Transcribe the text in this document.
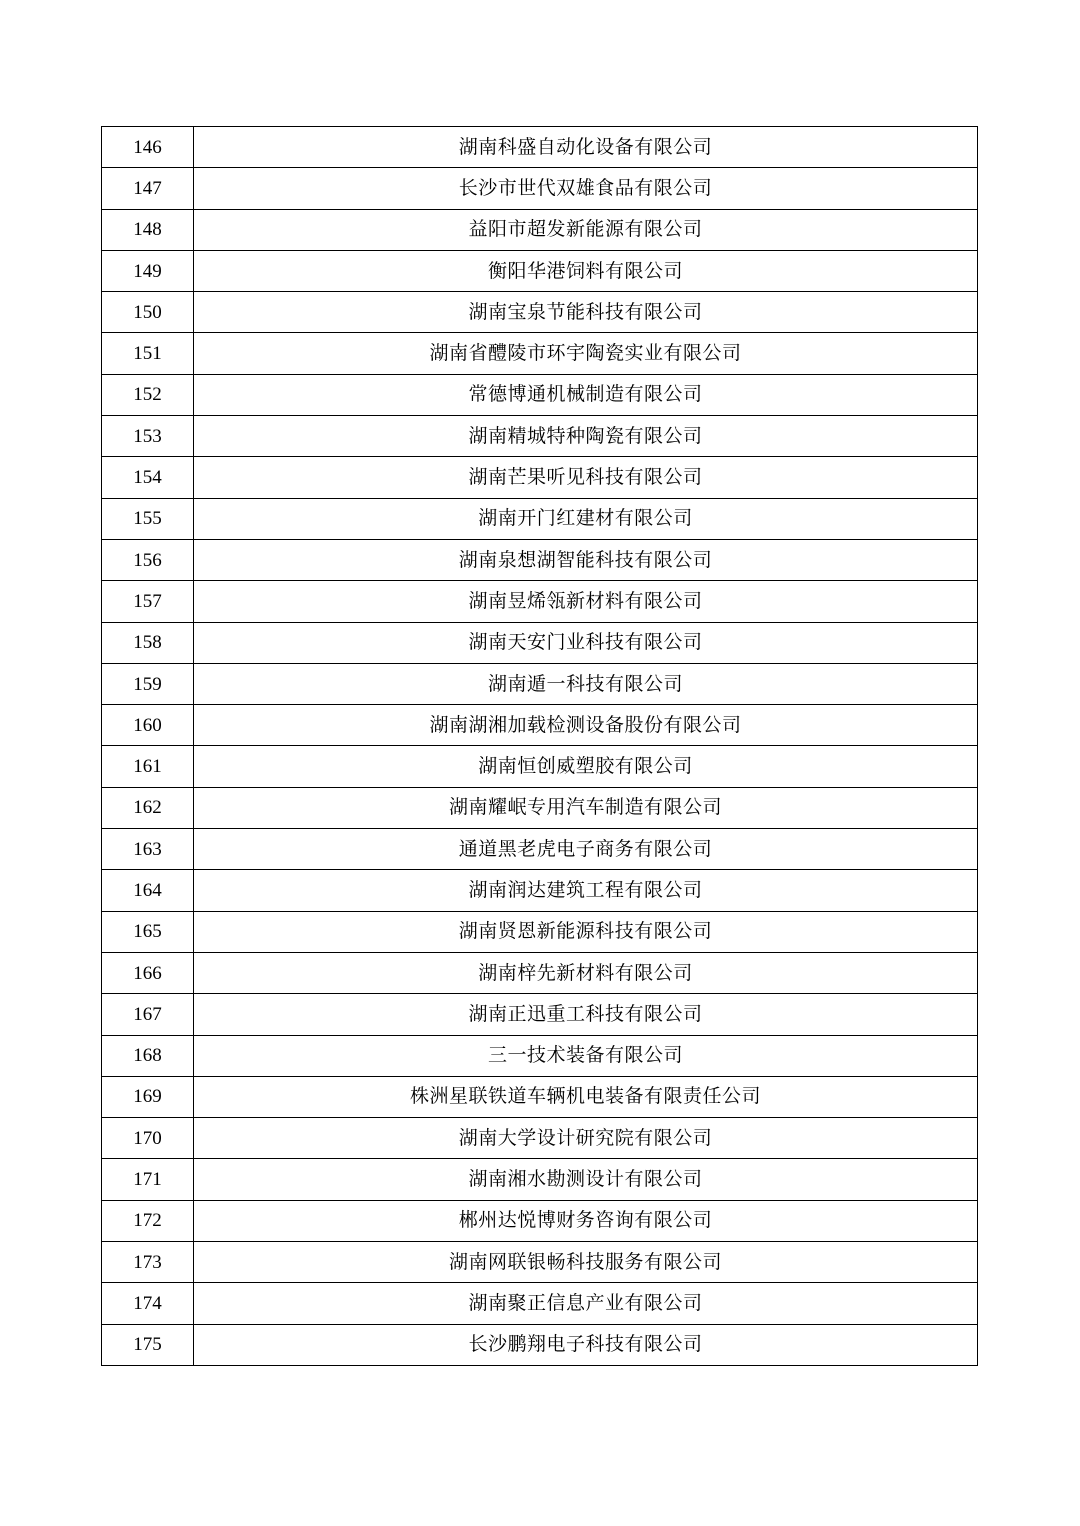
146	湖南科盛自动化设备有限公司
147	长沙市世代双雄食品有限公司
148	益阳市超发新能源有限公司
149	衡阳华港饲料有限公司
150	湖南宝泉节能科技有限公司
151	湖南省醴陵市环宇陶瓷实业有限公司
152	常德博通机械制造有限公司
153	湖南精城特种陶瓷有限公司
154	湖南芒果听见科技有限公司
155	湖南开门红建材有限公司
156	湖南泉想湖智能科技有限公司
157	湖南昱烯瓴新材料有限公司
158	湖南天安门业科技有限公司
159	湖南遁一科技有限公司
160	湖南湖湘加载检测设备股份有限公司
161	湖南恒创威塑胶有限公司
162	湖南耀岷专用汽车制造有限公司
163	通道黑老虎电子商务有限公司
164	湖南润达建筑工程有限公司
165	湖南贤恩新能源科技有限公司
166	湖南梓先新材料有限公司
167	湖南正迅重工科技有限公司
168	三一技术装备有限公司
169	株洲星联铁道车辆机电装备有限责任公司
170	湖南大学设计研究院有限公司
171	湖南湘水勘测设计有限公司
172	郴州达悦博财务咨询有限公司
173	湖南网联银畅科技服务有限公司
174	湖南聚正信息产业有限公司
175	长沙鹏翔电子科技有限公司
